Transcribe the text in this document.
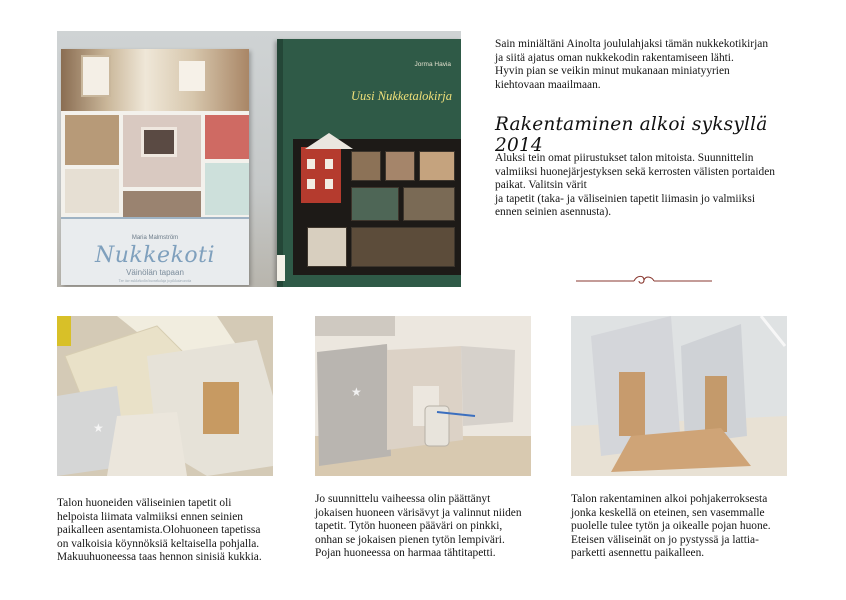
Maria Malmström
Nukkekoti
Väinölän tapaan
Tee itse nukkekodin huonekaluja ja pikkutavaroita
Jorma Havia
Uusi Nukketalokirja
Sain miniältäni Ainolta joululahjaksi tämän nukkekotikirjan
ja siitä ajatus oman nukkekodin rakentamiseen lähti.
Hyvin pian se veikin minut mukanaan miniatyyrien
kiehtovaan maailmaan.
Rakentaminen alkoi syksyllä 2014
Aluksi tein omat piirustukset talon mitoista. Suunnittelin
valmiiksi huonejärjestyksen sekä kerrosten välisten portaiden
paikat. Valitsin värit
ja tapetit (taka- ja väliseinien tapetit liimasin jo valmiiksi
ennen seinien asennusta).
★
★
Talon huoneiden väliseinien tapetit oli
helpoista liimata valmiiksi ennen seinien
paikalleen asentamista.Olohuoneen tapetissa
on valkoisia köynnöksiä keltaisella pohjalla.
Makuuhuoneessa taas hennon sinisiä kukkia.
Jo suunnittelu vaiheessa olin päättänyt
jokaisen huoneen värisävyt ja valinnut niiden
tapetit. Tytön huoneen pääväri on pinkki,
onhan se jokaisen pienen tytön lempiväri.
Pojan huoneessa on harmaa tähtitapetti.
Talon rakentaminen alkoi pohjakerroksesta
jonka keskellä on eteinen, sen vasemmalle
puolelle tulee tytön ja oikealle pojan huone.
Eteisen väliseinät on jo pystyssä ja lattia-
parketti asennettu paikalleen.
